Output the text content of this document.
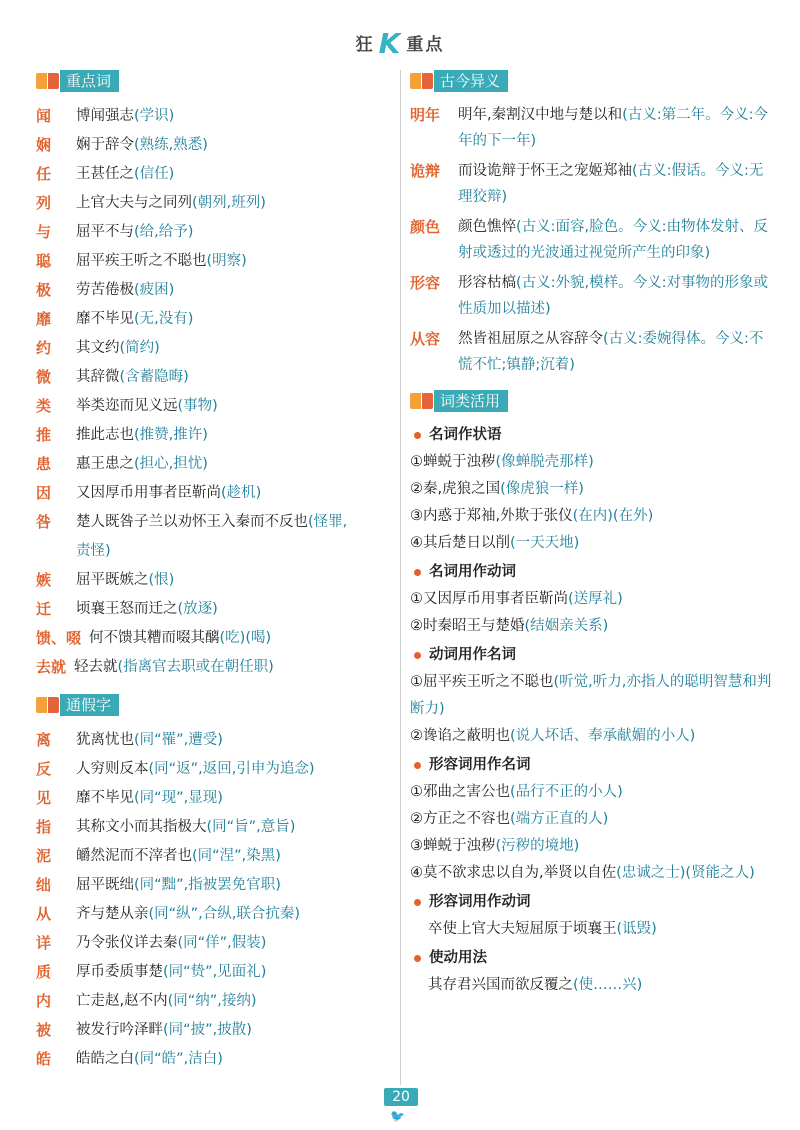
狂 K 重点
重点词
闻	博闻强志(学识)
娴	娴于辞令(熟练,熟悉)
任	王甚任之(信任)
列	上官大夫与之同列(朝列,班列)
与	屈平不与(给,给予)
聪	屈平疾王听之不聪也(明察)
极	劳苦倦极(疲困)
靡	靡不毕见(无,没有)
约	其文约(简约)
微	其辞微(含蓄隐晦)
类	举类迩而见义远(事物)
推	推此志也(推赞,推许)
患	惠王患之(担心,担忧)
因	又因厚币用事者臣靳尚(趁机)
咎	楚人既咎子兰以劝怀王入秦而不反也(怪罪,
责怪)
嫉	屈平既嫉之(恨)
迁	顷襄王怒而迁之(放逐)
馈、啜 何不馈其糟而啜其醨(吃)(喝)
去就 轻去就(指离官去职或在朝任职)
通假字
离	犹离忧也(同“罹”,遭受)
反	人穷则反本(同“返”,返回,引申为追念)
见	靡不毕见(同“现”,显现)
指	其称文小而其指极大(同“旨”,意旨)
泥	皭然泥而不滓者也(同“涅”,染黑)
绌	屈平既绌(同“黜”,指被罢免官职)
从	齐与楚从亲(同“纵”,合纵,联合抗秦)
详	乃令张仪详去秦(同“佯”,假装)
质	厚币委质事楚(同“贽”,见面礼)
内	亡走赵,赵不内(同“纳”,接纳)
被	被发行吟泽畔(同“披”,披散)
皓	皓皓之白(同“皓”,洁白)
古今异义
明年	明年,秦割汉中地与楚以和(古义:第二年。今义:今年的下一年)
诡辩	而设诡辩于怀王之宠姬郑袖(古义:假话。今义:无理狡辩)
颜色	颜色憔悴(古义:面容,脸色。今义:由物体发射、反射或透过的光波通过视觉所产生的印象)
形容	形容枯槁(古义:外貌,模样。今义:对事物的形象或性质加以描述)
从容	然皆祖屈原之从容辞令(古义:委婉得体。今义:不慌不忙;镇静;沉着)
词类活用
名词作状语
①蝉蜕于浊秽(像蝉脱壳那样)
②秦,虎狼之国(像虎狼一样)
③内惑于郑袖,外欺于张仪(在内)(在外)
④其后楚日以削(一天天地)
名词用作动词
①又因厚币用事者臣靳尚(送厚礼)
②时秦昭王与楚婚(结姻亲关系)
动词用作名词
①屈平疾王听之不聪也(听觉,听力,亦指人的聪明智慧和判断力)
②谗谄之蔽明也(说人坏话、奉承献媚的小人)
形容词用作名词
①邪曲之害公也(品行不正的小人)
②方正之不容也(端方正直的人)
③蝉蜕于浊秽(污秽的境地)
④莫不欲求忠以自为,举贤以自佐(忠诚之士)(贤能之人)
形容词用作动词
卒使上官大夫短屈原于顷襄王(诋毁)
使动用法
其存君兴国而欲反覆之(使……兴)
20
🐦
